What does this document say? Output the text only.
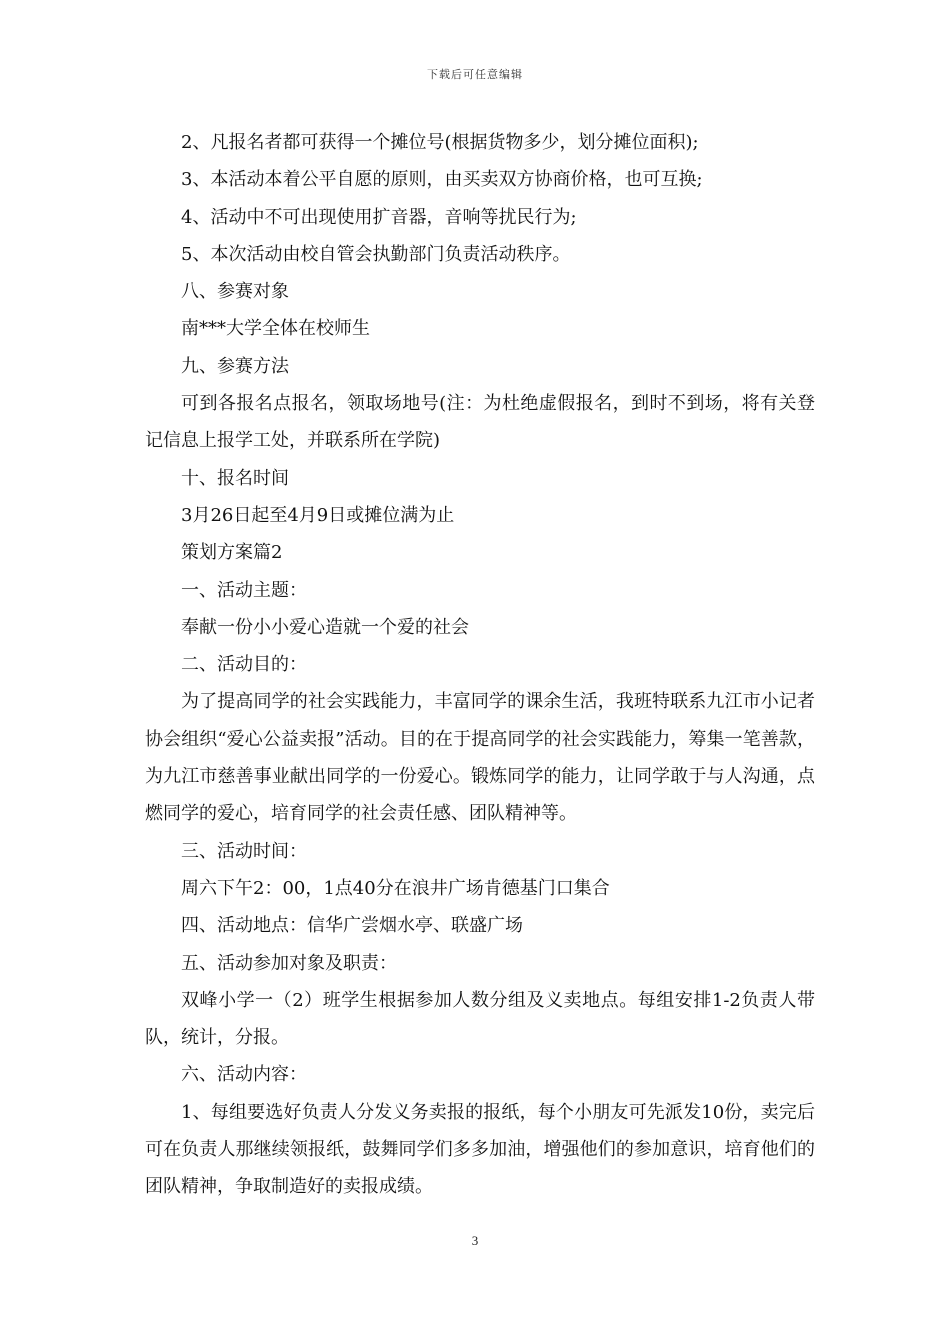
下载后可任意编辑

2、凡报名者都可获得一个摊位号(根据货物多少，划分摊位面积);

3、本活动本着公平自愿的原则，由买卖双方协商价格，也可互换;

4、活动中不可出现使用扩音器，音响等扰民行为;

5、本次活动由校自管会执勤部门负责活动秩序。

八、参赛对象

南***大学全体在校师生

九、参赛方法

可到各报名点报名，领取场地号(注：为杜绝虚假报名，到时不到场，将有关登记信息上报学工处，并联系所在学院)

十、报名时间

3月26日起至4月9日或摊位满为止

策划方案篇2

一、活动主题：

奉献一份小小爱心造就一个爱的社会

二、活动目的：

为了提高同学的社会实践能力，丰富同学的课余生活，我班特联系九江市小记者协会组织“爱心公益卖报”活动。目的在于提高同学的社会实践能力，筹集一笔善款，为九江市慈善事业献出同学的一份爱心。锻炼同学的能力，让同学敢于与人沟通，点燃同学的爱心，培育同学的社会责任感、团队精神等。

三、活动时间：

周六下午2：00，1点40分在浪井广场肯德基门口集合

四、活动地点：信华广尝烟水亭、联盛广场

五、活动参加对象及职责：

双峰小学一（2）班学生根据参加人数分组及义卖地点。每组安排1-2负责人带队，统计，分报。

六、活动内容：

1、每组要选好负责人分发义务卖报的报纸，每个小朋友可先派发10份，卖完后可在负责人那继续领报纸，鼓舞同学们多多加油，增强他们的参加意识，培育他们的团队精神，争取制造好的卖报成绩。

3
